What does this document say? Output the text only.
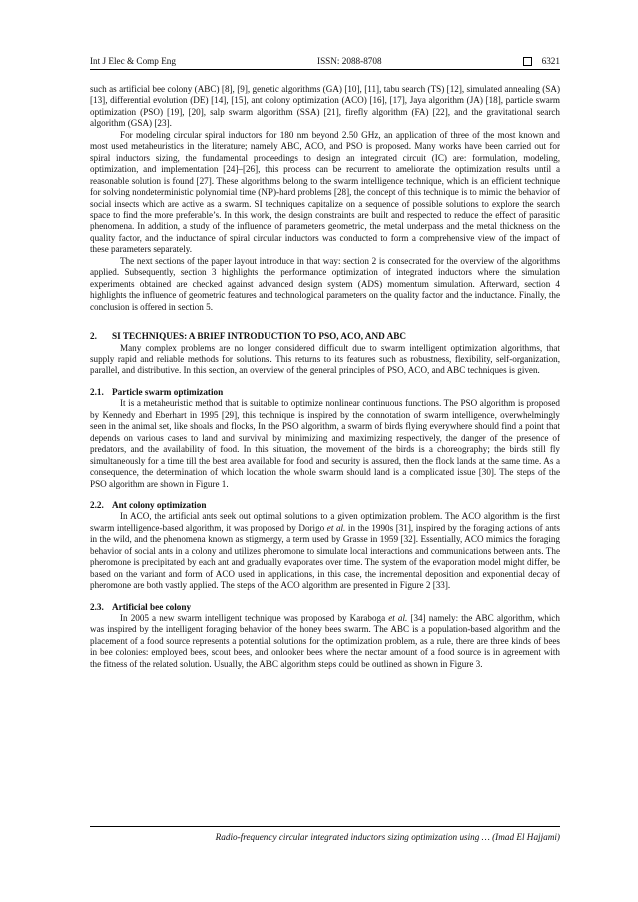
Int J Elec & Comp Eng	ISSN: 2088-8708	6321

such as artificial bee colony (ABC) [8], [9], genetic algorithms (GA) [10], [11], tabu search (TS) [12], simulated annealing (SA) [13], differential evolution (DE) [14], [15], ant colony optimization (ACO) [16], [17], Jaya algorithm (JA) [18], particle swarm optimization (PSO) [19], [20], salp swarm algorithm (SSA) [21], firefly algorithm (FA) [22], and the gravitational search algorithm (GSA) [23].

For modeling circular spiral inductors for 180 nm beyond 2.50 GHz, an application of three of the most known and most used metaheuristics in the literature; namely ABC, ACO, and PSO is proposed. Many works have been carried out for spiral inductors sizing, the fundamental proceedings to design an integrated circuit (IC) are: formulation, modeling, optimization, and implementation [24]–[26], this process can be recurrent to ameliorate the optimization results until a reasonable solution is found [27]. These algorithms belong to the swarm intelligence technique, which is an efficient technique for solving nondeterministic polynomial time (NP)-hard problems [28], the concept of this technique is to mimic the behavior of social insects which are active as a swarm. SI techniques capitalize on a sequence of possible solutions to explore the search space to find the more preferable’s. In this work, the design constraints are built and respected to reduce the effect of parasitic phenomena. In addition, a study of the influence of parameters geometric, the metal underpass and the metal thickness on the quality factor, and the inductance of spiral circular inductors was conducted to form a comprehensive view of the impact of these parameters separately.

The next sections of the paper layout introduce in that way: section 2 is consecrated for the overview of the algorithms applied. Subsequently, section 3 highlights the performance optimization of integrated inductors where the simulation experiments obtained are checked against advanced design system (ADS) momentum simulation. Afterward, section 4 highlights the influence of geometric features and technological parameters on the quality factor and the inductance. Finally, the conclusion is offered in section 5.

2. SI TECHNIQUES: A BRIEF INTRODUCTION TO PSO, ACO, AND ABC

Many complex problems are no longer considered difficult due to swarm intelligent optimization algorithms, that supply rapid and reliable methods for solutions. This returns to its features such as robustness, flexibility, self-organization, parallel, and distributive. In this section, an overview of the general principles of PSO, ACO, and ABC techniques is given.

2.1. Particle swarm optimization

It is a metaheuristic method that is suitable to optimize nonlinear continuous functions. The PSO algorithm is proposed by Kennedy and Eberhart in 1995 [29], this technique is inspired by the connotation of swarm intelligence, overwhelmingly seen in the animal set, like shoals and flocks, In the PSO algorithm, a swarm of birds flying everywhere should find a point that depends on various cases to land and survival by minimizing and maximizing respectively, the danger of the presence of predators, and the availability of food. In this situation, the movement of the birds is a choreography; the birds still fly simultaneously for a time till the best area available for food and security is assured, then the flock lands at the same time. As a consequence, the determination of which location the whole swarm should land is a complicated issue [30]. The steps of the PSO algorithm are shown in Figure 1.

2.2. Ant colony optimization

In ACO, the artificial ants seek out optimal solutions to a given optimization problem. The ACO algorithm is the first swarm intelligence-based algorithm, it was proposed by Dorigo et al. in the 1990s [31], inspired by the foraging actions of ants in the wild, and the phenomena known as stigmergy, a term used by Grasse in 1959 [32]. Essentially, ACO mimics the foraging behavior of social ants in a colony and utilizes pheromone to simulate local interactions and communications between ants. The pheromone is precipitated by each ant and gradually evaporates over time. The system of the evaporation model might differ, be based on the variant and form of ACO used in applications, in this case, the incremental deposition and exponential decay of pheromone are both vastly applied. The steps of the ACO algorithm are presented in Figure 2 [33].

2.3. Artificial bee colony

In 2005 a new swarm intelligent technique was proposed by Karaboga et al. [34] namely: the ABC algorithm, which was inspired by the intelligent foraging behavior of the honey bees swarm. The ABC is a population-based algorithm and the placement of a food source represents a potential solutions for the optimization problem, as a rule, there are three kinds of bees in bee colonies: employed bees, scout bees, and onlooker bees where the nectar amount of a food source is in agreement with the fitness of the related solution. Usually, the ABC algorithm steps could be outlined as shown in Figure 3.

Radio-frequency circular integrated inductors sizing optimization using … (Imad El Hajjami)
